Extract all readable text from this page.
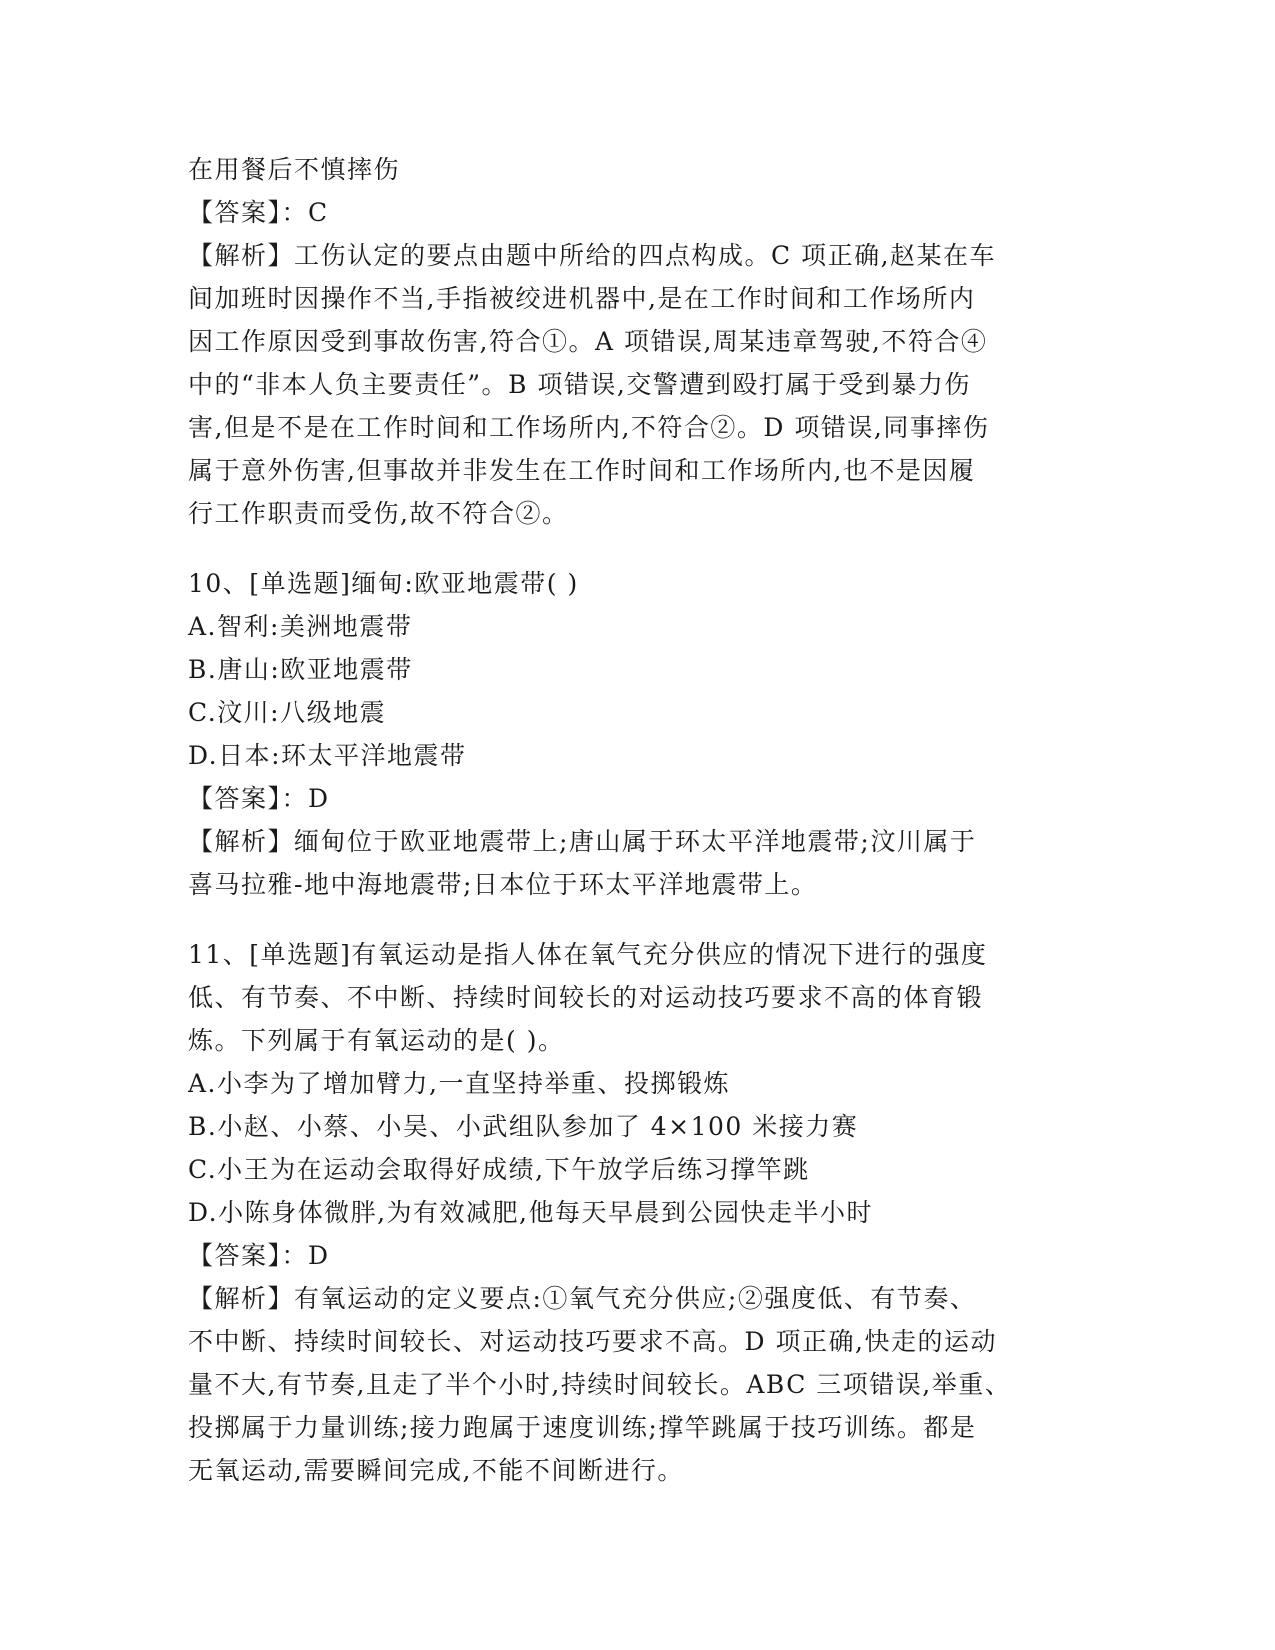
在用餐后不慎摔伤
【答案】：C
【解析】工伤认定的要点由题中所给的四点构成。C 项正确,赵某在车
间加班时因操作不当,手指被绞进机器中,是在工作时间和工作场所内
因工作原因受到事故伤害,符合①。A 项错误,周某违章驾驶,不符合④
中的“非本人负主要责任”。B 项错误,交警遭到殴打属于受到暴力伤
害,但是不是在工作时间和工作场所内,不符合②。D 项错误,同事摔伤
属于意外伤害,但事故并非发生在工作时间和工作场所内,也不是因履
行工作职责而受伤,故不符合②。
10、[单选题]缅甸:欧亚地震带( )
A.智利:美洲地震带
B.唐山:欧亚地震带
C.汶川:八级地震
D.日本:环太平洋地震带
【答案】：D
【解析】缅甸位于欧亚地震带上;唐山属于环太平洋地震带;汶川属于
喜马拉雅-地中海地震带;日本位于环太平洋地震带上。
11、[单选题]有氧运动是指人体在氧气充分供应的情况下进行的强度
低、有节奏、不中断、持续时间较长的对运动技巧要求不高的体育锻
炼。下列属于有氧运动的是( )。
A.小李为了增加臂力,一直坚持举重、投掷锻炼
B.小赵、小蔡、小吴、小武组队参加了 4×100 米接力赛
C.小王为在运动会取得好成绩,下午放学后练习撑竿跳
D.小陈身体微胖,为有效减肥,他每天早晨到公园快走半小时
【答案】：D
【解析】有氧运动的定义要点:①氧气充分供应;②强度低、有节奏、
不中断、持续时间较长、对运动技巧要求不高。D 项正确,快走的运动
量不大,有节奏,且走了半个小时,持续时间较长。ABC 三项错误,举重、
投掷属于力量训练;接力跑属于速度训练;撑竿跳属于技巧训练。都是
无氧运动,需要瞬间完成,不能不间断进行。
